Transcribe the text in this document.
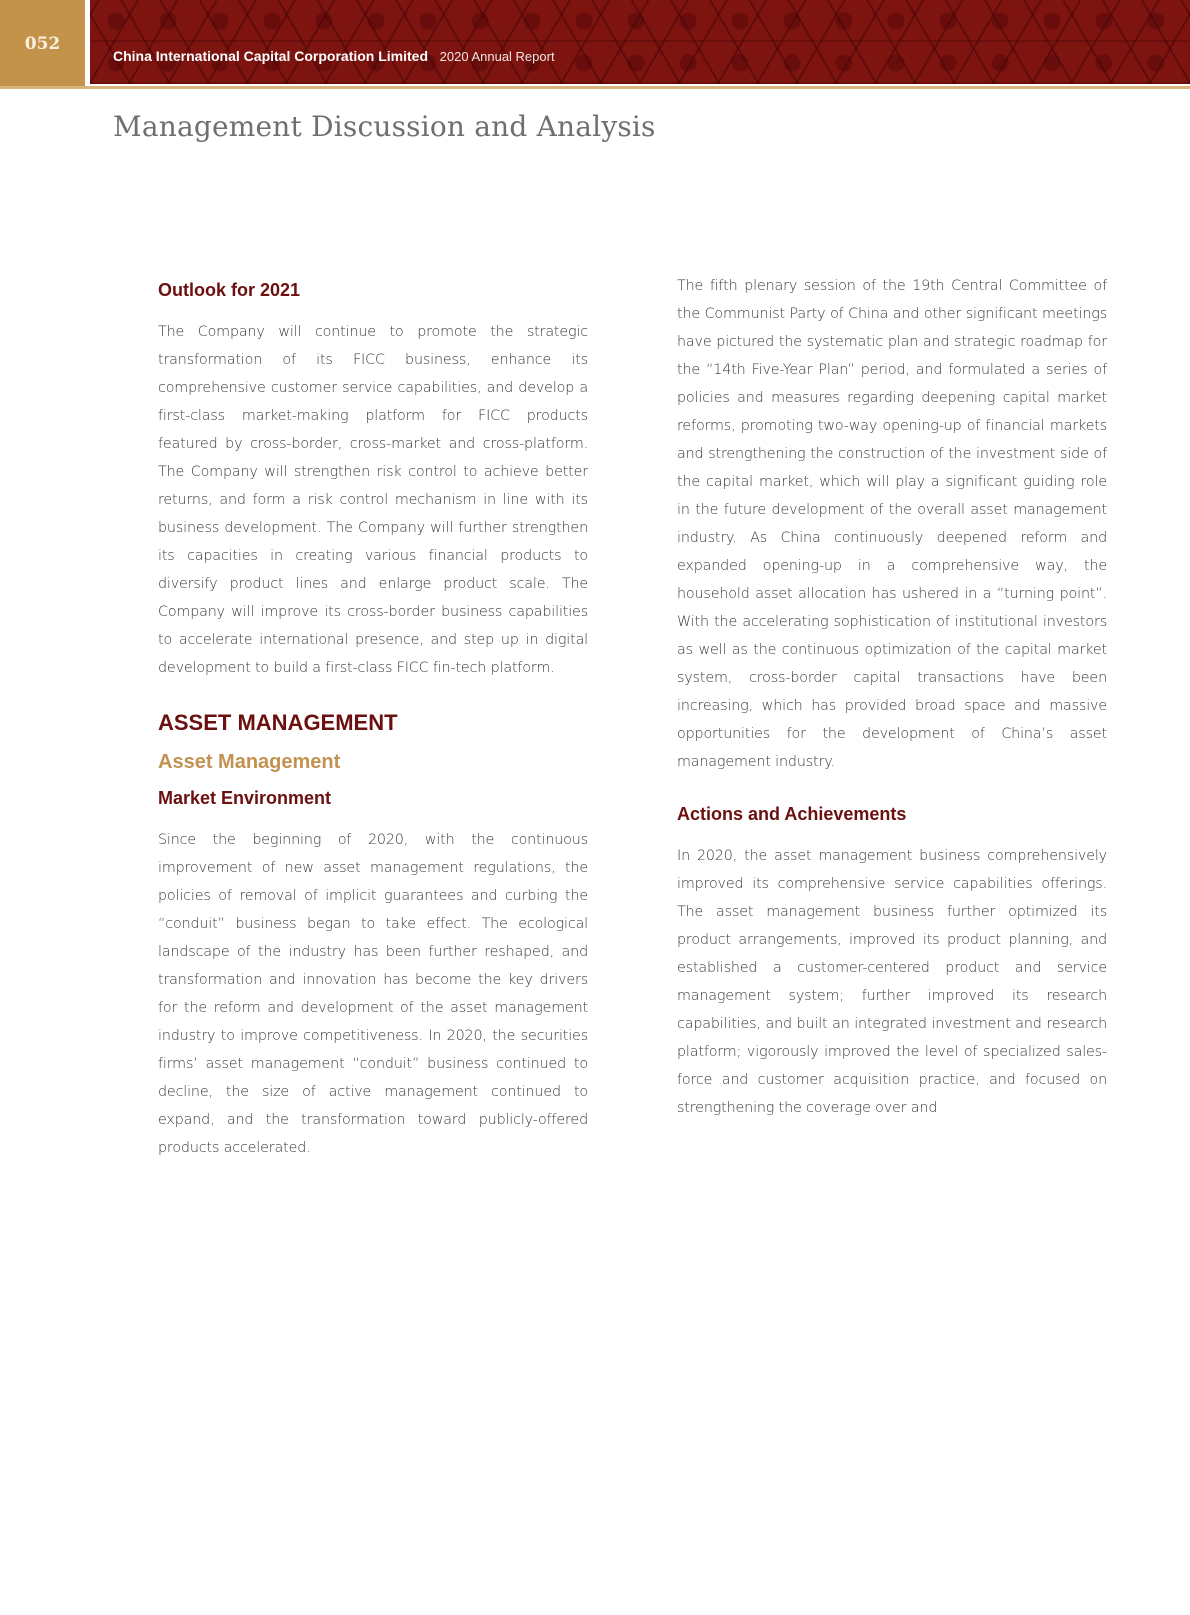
052
China International Capital Corporation Limited 2020 Annual Report
Management Discussion and Analysis
Outlook for 2021

The Company will continue to promote the strategic transformation of its FICC business, enhance its comprehensive customer service capabilities, and develop a first-class market-making platform for FICC products featured by cross-border, cross-market and cross-platform. The Company will strengthen risk control to achieve better returns, and form a risk control mechanism in line with its business development. The Company will further strengthen its capacities in creating various financial products to diversify product lines and enlarge product scale. The Company will improve its cross-border business capabilities to accelerate international presence, and step up in digital development to build a first-class FICC fin-tech platform.

ASSET MANAGEMENT
Asset Management
Market Environment

Since the beginning of 2020, with the continuous improvement of new asset management regulations, the policies of removal of implicit guarantees and curbing the “conduit” business began to take effect. The ecological landscape of the industry has been further reshaped, and transformation and innovation has become the key drivers for the reform and development of the asset management industry to improve competitiveness. In 2020, the securities firms’ asset management “conduit” business continued to decline, the size of active management continued to expand, and the transformation toward publicly-offered products accelerated.

The fifth plenary session of the 19th Central Committee of the Communist Party of China and other significant meetings have pictured the systematic plan and strategic roadmap for the “14th Five-Year Plan” period, and formulated a series of policies and measures regarding deepening capital market reforms, promoting two-way opening-up of financial markets and strengthening the construction of the investment side of the capital market, which will play a significant guiding role in the future development of the overall asset management industry. As China continuously deepened reform and expanded opening-up in a comprehensive way, the household asset allocation has ushered in a “turning point”. With the accelerating sophistication of institutional investors as well as the continuous optimization of the capital market system, cross-border capital transactions have been increasing, which has provided broad space and massive opportunities for the development of China’s asset management industry.

Actions and Achievements

In 2020, the asset management business comprehensively improved its comprehensive service capabilities offerings. The asset management business further optimized its product arrangements, improved its product planning, and established a customer-centered product and service management system; further improved its research capabilities, and built an integrated investment and research platform; vigorously improved the level of specialized sales-force and customer acquisition practice, and focused on strengthening the coverage over and
